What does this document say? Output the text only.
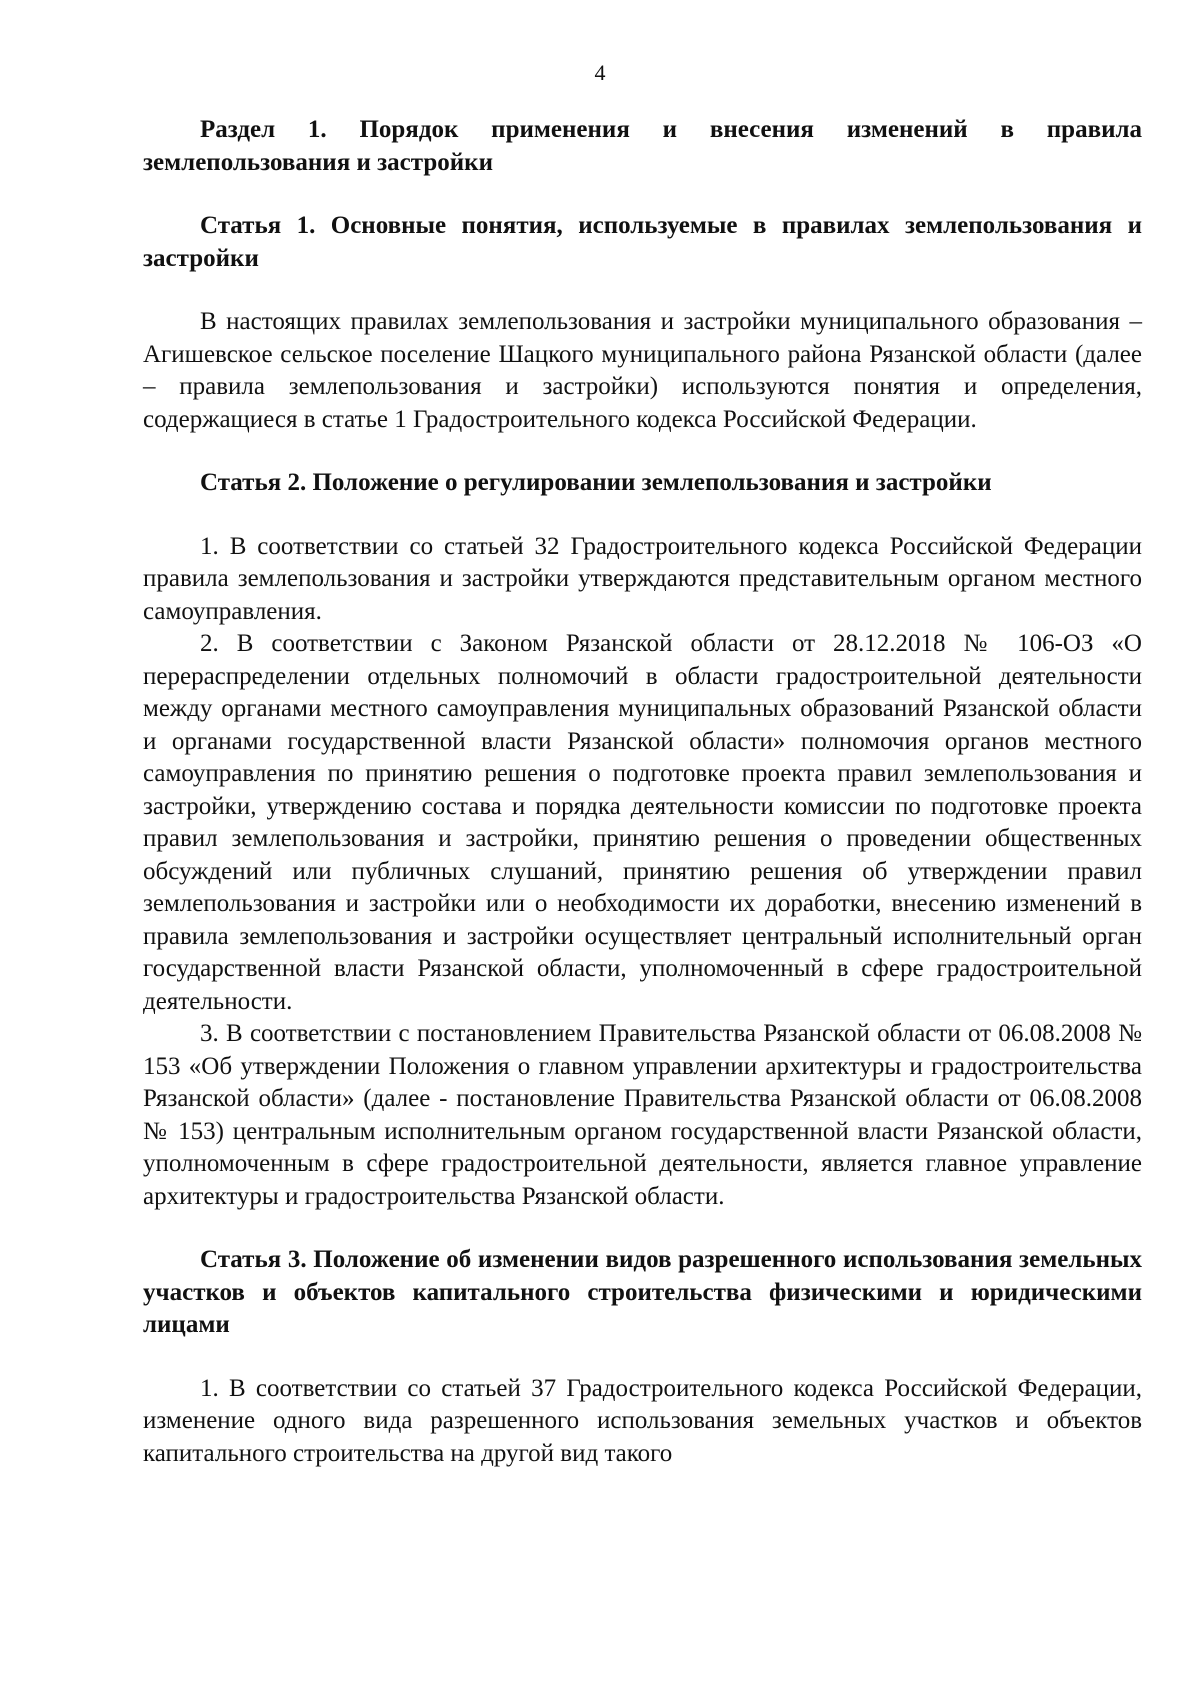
4

Раздел 1. Порядок применения и внесения изменений в правила землепользования и застройки

Статья 1. Основные понятия, используемые в правилах землепользования и застройки

В настоящих правилах землепользования и застройки муниципального образования – Агишевское сельское поселение Шацкого муниципального района Рязанской области (далее – правила землепользования и застройки) используются понятия и определения, содержащиеся в статье 1 Градостроительного кодекса Российской Федерации.

Статья 2. Положение о регулировании землепользования и застройки

1. В соответствии со статьей 32 Градостроительного кодекса Российской Федерации правила землепользования и застройки утверждаются представительным органом местного самоуправления.

2. В соответствии с Законом Рязанской области от 28.12.2018 № 106-ОЗ «О перераспределении отдельных полномочий в области градостроительной деятельности между органами местного самоуправления муниципальных образований Рязанской области и органами государственной власти Рязанской области» полномочия органов местного самоуправления по принятию решения о подготовке проекта правил землепользования и застройки, утверждению состава и порядка деятельности комиссии по подготовке проекта правил землепользования и застройки, принятию решения о проведении общественных обсуждений или публичных слушаний, принятию решения об утверждении правил землепользования и застройки или о необходимости их доработки, внесению изменений в правила землепользования и застройки осуществляет центральный исполнительный орган государственной власти Рязанской области, уполномоченный в сфере градостроительной деятельности.

3. В соответствии с постановлением Правительства Рязанской области от 06.08.2008 № 153 «Об утверждении Положения о главном управлении архитектуры и градостроительства Рязанской области» (далее - постановление Правительства Рязанской области от 06.08.2008 № 153) центральным исполнительным органом государственной власти Рязанской области, уполномоченным в сфере градостроительной деятельности, является главное управление архитектуры и градостроительства Рязанской области.

Статья 3. Положение об изменении видов разрешенного использования земельных участков и объектов капитального строительства физическими и юридическими лицами

1. В соответствии со статьей 37 Градостроительного кодекса Российской Федерации, изменение одного вида разрешенного использования земельных участков и объектов капитального строительства на другой вид такого
